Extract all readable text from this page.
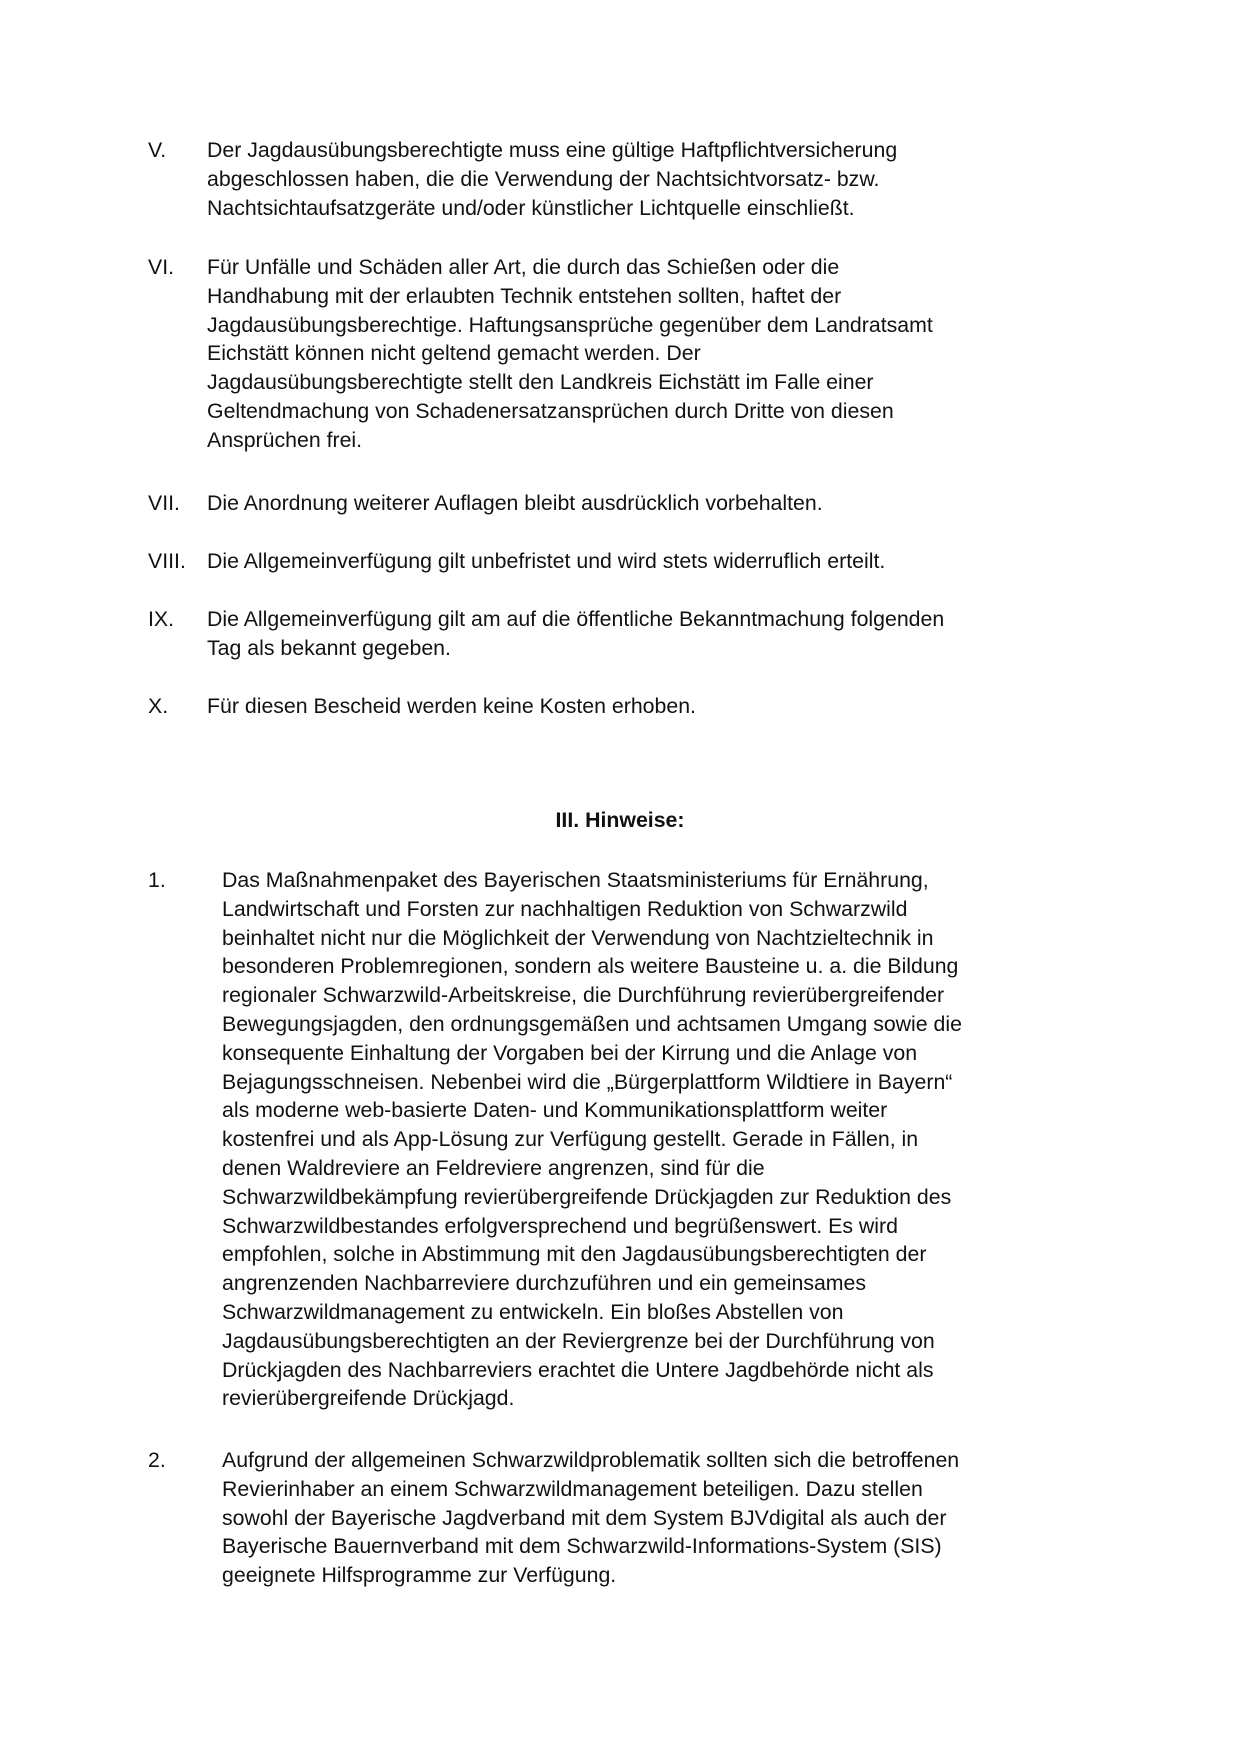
V. Der Jagdausübungsberechtigte muss eine gültige Haftpflichtversicherung
abgeschlossen haben, die die Verwendung der Nachtsichtvorsatz- bzw.
Nachtsichtaufsatzgeräte und/oder künstlicher Lichtquelle einschließt.
VI. Für Unfälle und Schäden aller Art, die durch das Schießen oder die
Handhabung mit der erlaubten Technik entstehen sollten, haftet der
Jagdausübungsberechtige. Haftungsansprüche gegenüber dem Landratsamt
Eichstätt können nicht geltend gemacht werden. Der
Jagdausübungsberechtigte stellt den Landkreis Eichstätt im Falle einer
Geltendmachung von Schadenersatzansprüchen durch Dritte von diesen
Ansprüchen frei.
VII. Die Anordnung weiterer Auflagen bleibt ausdrücklich vorbehalten.
VIII. Die Allgemeinverfügung gilt unbefristet und wird stets widerruflich erteilt.
IX. Die Allgemeinverfügung gilt am auf die öffentliche Bekanntmachung folgenden
Tag als bekannt gegeben.
X. Für diesen Bescheid werden keine Kosten erhoben.
III. Hinweise:
1.	Das Maßnahmenpaket des Bayerischen Staatsministeriums für Ernährung,
Landwirtschaft und Forsten zur nachhaltigen Reduktion von Schwarzwild
beinhaltet nicht nur die Möglichkeit der Verwendung von Nachtzieltechnik in
besonderen Problemregionen, sondern als weitere Bausteine u. a. die Bildung
regionaler Schwarzwild-Arbeitskreise, die Durchführung revierübergreifender
Bewegungsjagden, den ordnungsgemäßen und achtsamen Umgang sowie die
konsequente Einhaltung der Vorgaben bei der Kirrung und die Anlage von
Bejagungsschneisen. Nebenbei wird die „Bürgerplattform Wildtiere in Bayern“
als moderne web-basierte Daten- und Kommunikationsplattform weiter
kostenfrei und als App-Lösung zur Verfügung gestellt. Gerade in Fällen, in
denen Waldreviere an Feldreviere angrenzen, sind für die
Schwarzwildbekämpfung revierübergreifende Drückjagden zur Reduktion des
Schwarzwildbestandes erfolgversprechend und begrüßenswert. Es wird
empfohlen, solche in Abstimmung mit den Jagdausübungsberechtigten der
angrenzenden Nachbarreviere durchzuführen und ein gemeinsames
Schwarzwildmanagement zu entwickeln. Ein bloßes Abstellen von
Jagdausübungsberechtigten an der Reviergrenze bei der Durchführung von
Drückjagden des Nachbarreviers erachtet die Untere Jagdbehörde nicht als
revierübergreifende Drückjagd.
2.	Aufgrund der allgemeinen Schwarzwildproblematik sollten sich die betroffenen
Revierinhaber an einem Schwarzwildmanagement beteiligen. Dazu stellen
sowohl der Bayerische Jagdverband mit dem System BJVdigital als auch der
Bayerische Bauernverband mit dem Schwarzwild-Informations-System (SIS)
geeignete Hilfsprogramme zur Verfügung.
